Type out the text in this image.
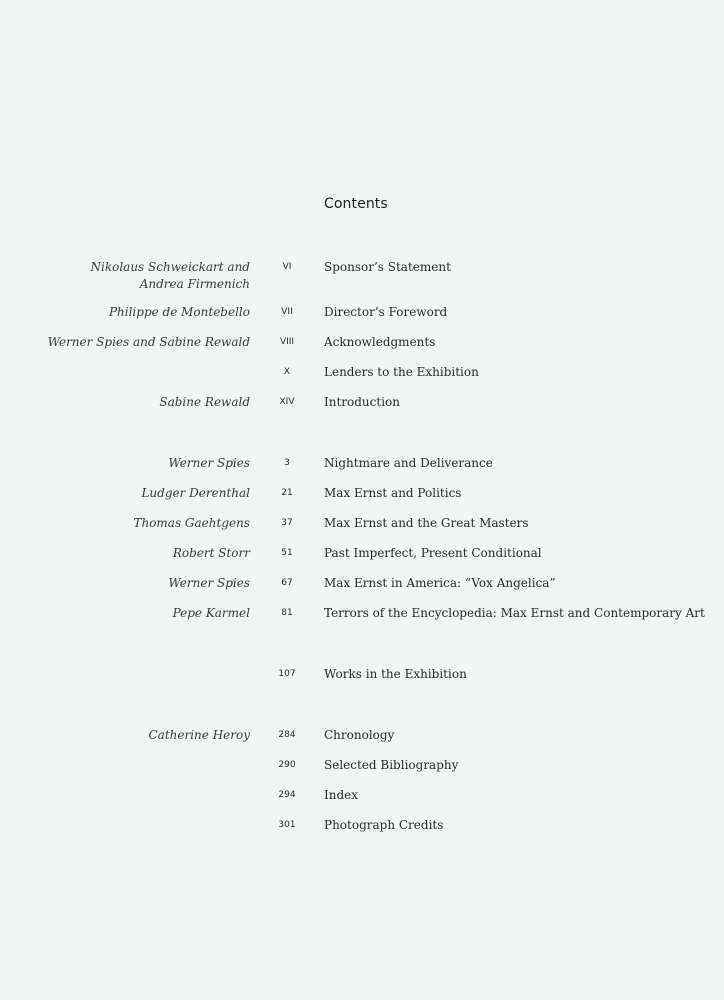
Contents
Nikolaus Schweickart and
Andrea Firmenich
VI	Sponsor’s Statement
Philippe de Montebello	VII	Director’s Foreword
Werner Spies and Sabine Rewald	VIII	Acknowledgments
X	Lenders to the Exhibition
Sabine Rewald	XIV	Introduction
Werner Spies	3	Nightmare and Deliverance
Ludger Derenthal	21	Max Ernst and Politics
Thomas Gaehtgens	37	Max Ernst and the Great Masters
Robert Storr	51	Past Imperfect, Present Conditional
Werner Spies	67	Max Ernst in America: “Vox Angelica”
Pepe Karmel	81	Terrors of the Encyclopedia: Max Ernst and Contemporary Art
107	Works in the Exhibition
Catherine Heroy	284	Chronology
290	Selected Bibliography
294	Index
301	Photograph Credits
